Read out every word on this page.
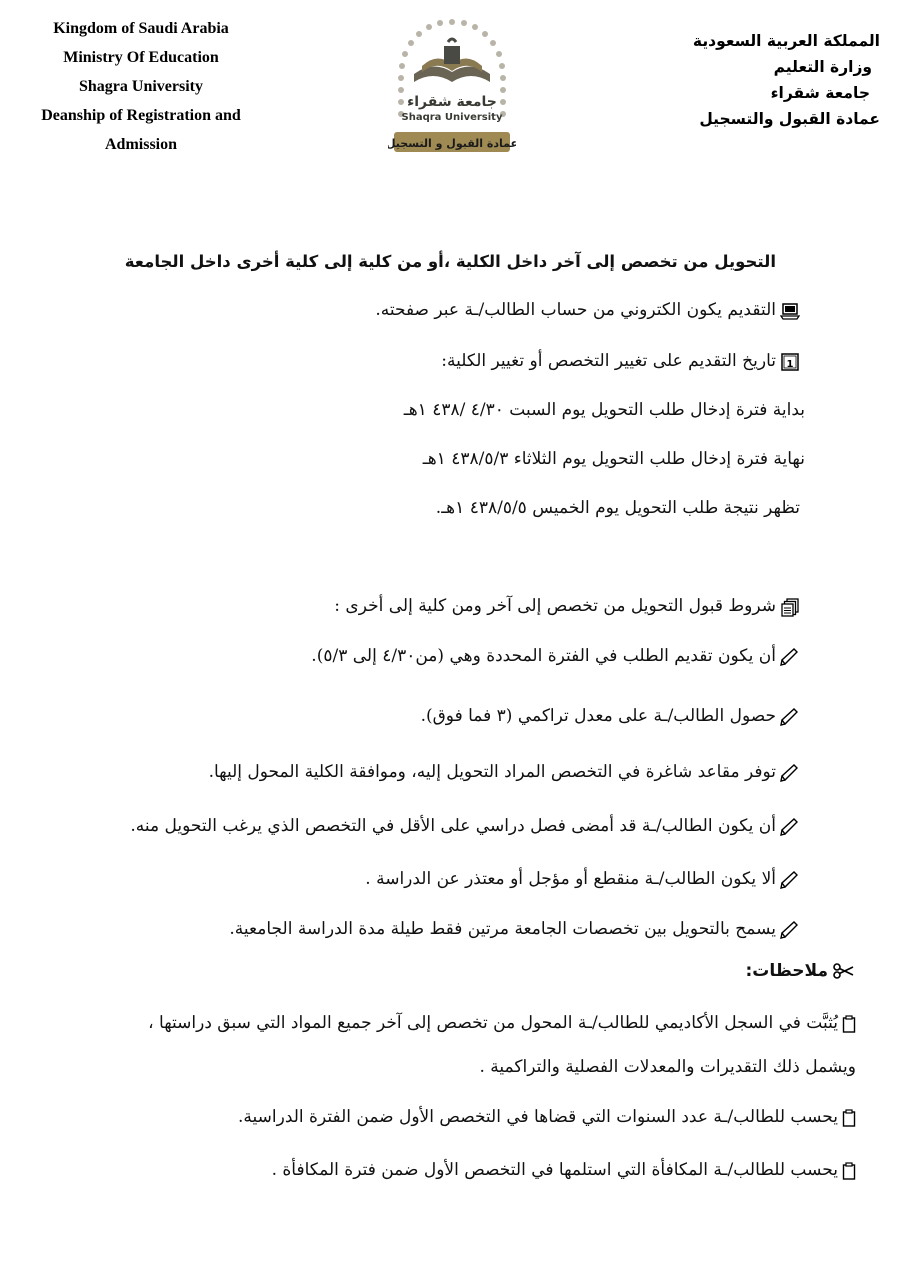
Kingdom of Saudi Arabia
Ministry Of Education
Shagra University
Deanship of Registration and Admission
جامعة شقراء
Shaqra University
عمادة القبول و التسجيل
المملكة العربية السعودية
وزارة التعليم
جامعة شقراء
عمادة القبول والتسجيل
التحويل من تخصص إلى آخر داخل الكلية ،أو من كلية إلى كلية أخرى داخل الجامعة
التقديم يكون الكتروني من حساب الطالب/ـة عبر صفحته.
1
تاريخ التقديم على تغيير التخصص أو تغيير الكلية:
بداية فترة إدخال طلب التحويل يوم السبت ٤/٣٠ /٤٣٨ ١هـ
نهاية فترة إدخال طلب التحويل يوم الثلاثاء ٤٣٨/٥/٣ ١هـ
تظهر نتيجة طلب التحويل يوم الخميس ٤٣٨/٥/٥ ١هـ.
شروط قبول التحويل من تخصص إلى آخر ومن كلية إلى أخرى :
أن يكون تقديم الطلب في الفترة المحددة وهي (من٤/٣٠ إلى ٥/٣).
حصول الطالب/ـة على معدل تراكمي (٣ فما فوق).
توفر مقاعد شاغرة في التخصص المراد التحويل إليه، وموافقة الكلية المحول إليها.
أن يكون الطالب/ـة قد أمضى فصل دراسي على الأقل في التخصص الذي يرغب التحويل منه.
ألا يكون الطالب/ـة منقطع أو مؤجل أو معتذر عن الدراسة .
يسمح بالتحويل بين تخصصات الجامعة مرتين فقط طيلة مدة الدراسة الجامعية.
ملاحظات:
يُثبَّت في السجل الأكاديمي للطالب/ـة المحول من تخصص إلى آخر جميع المواد التي سبق دراستها ،
ويشمل ذلك التقديرات والمعدلات الفصلية والتراكمية .
يحسب للطالب/ـة عدد السنوات التي قضاها في التخصص الأول ضمن الفترة الدراسية.
يحسب للطالب/ـة المكافأة التي استلمها في التخصص الأول ضمن فترة المكافأة .
